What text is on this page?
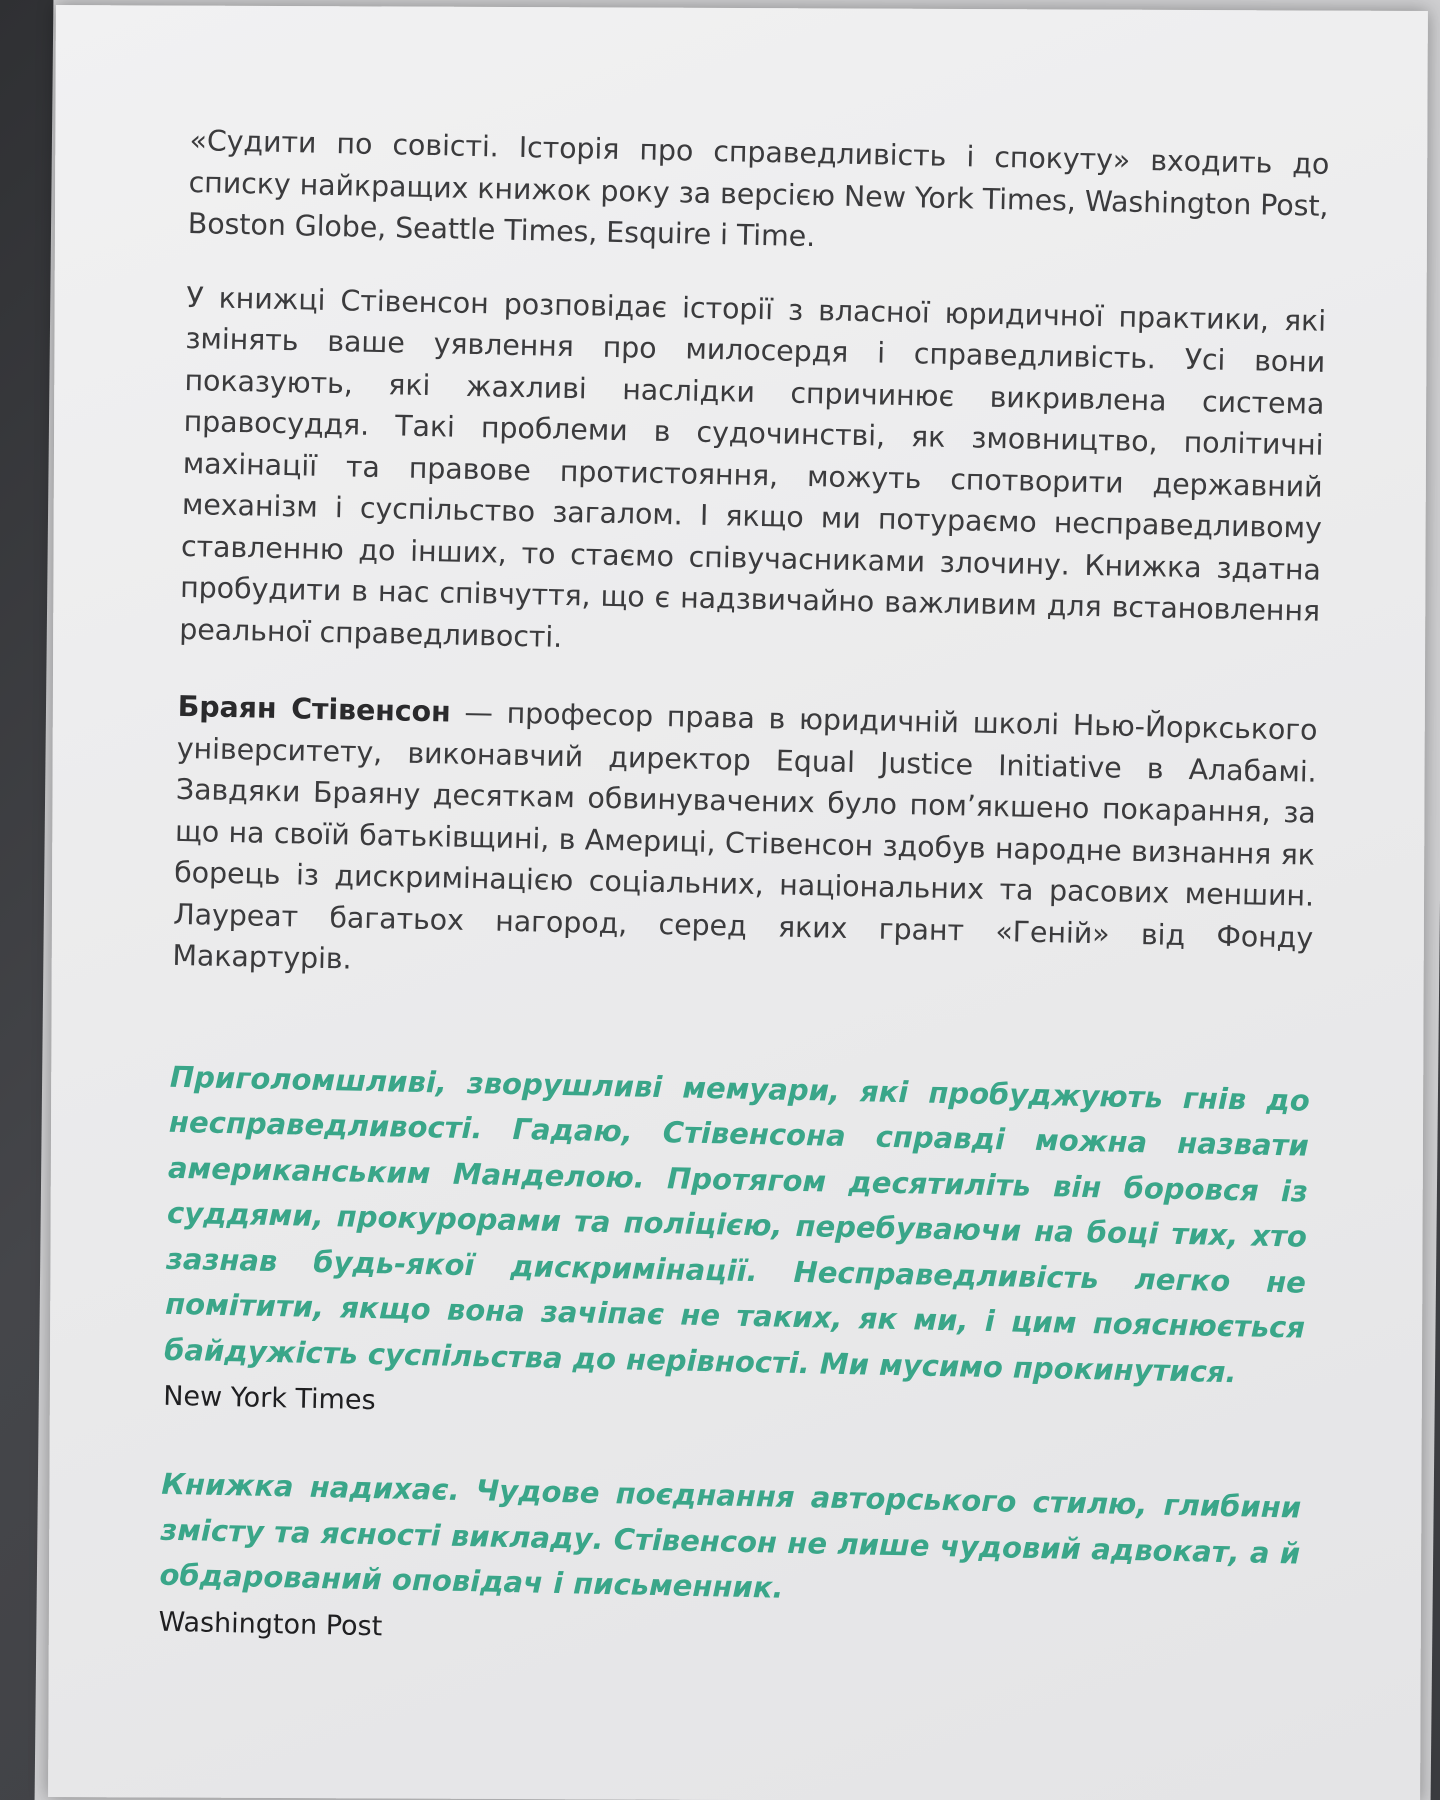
«Судити по совісті. Історія про справедливість і спокуту» входить до списку найкращих книжок року за версією New York Times, Washington Post, Boston Globe, Seattle Times, Esquire і Time.

У книжці Стівенсон розповідає історії з власної юридичної практики, які змінять ваше уявлення про милосердя і справедливість. Усі вони показують, які жахливі наслідки спричинює викривлена система правосуддя. Такі проблеми в судочинстві, як змовництво, політичні махінації та правове протистояння, можуть спотворити державний механізм і суспільство загалом. І якщо ми потураємо несправедливому ставленню до інших, то стаємо співучасниками злочину. Книжка здатна пробудити в нас співчуття, що є надзвичайно важливим для встановлення реальної справедливості.

Браян Стівенсон — професор права в юридичній школі Нью-Йоркського університету, виконавчий директор Equal Justice Initiative в Алабамі. Завдяки Браяну десяткам обвинувачених було пом’якшено покарання, за що на своїй батьківщині, в Америці, Стівенсон здобув народне визнання як борець із дискримінацією соціальних, національних та расових меншин. Лауреат багатьох нагород, серед яких грант «Геній» від Фонду Макартурів.

Приголомшливі, зворушливі мемуари, які пробуджують гнів до несправедливості. Гадаю, Стівенсона справді можна назвати американським Манделою. Протягом десятиліть він боровся із суддями, прокурорами та поліцією, перебуваючи на боці тих, хто зазнав будь-якої дискримінації. Несправедливість легко не помітити, якщо вона зачіпає не таких, як ми, і цим пояснюється байдужість суспільства до нерівності. Ми мусимо прокинутися.

New York Times

Книжка надихає. Чудове поєднання авторського стилю, глибини змісту та ясності викладу. Стівенсон не лише чудовий адвокат, а й обдарований оповідач і письменник.

Washington Post
